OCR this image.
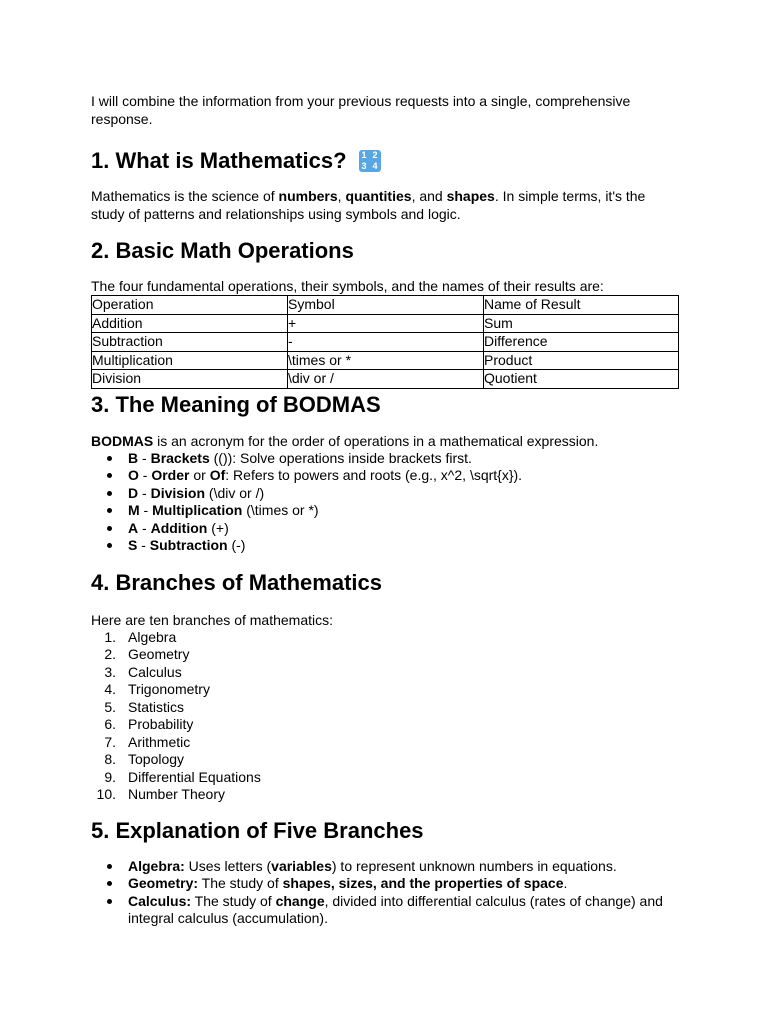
I will combine the information from your previous requests into a single, comprehensive response.

1. What is Mathematics?	1 2
3 4

Mathematics is the science of numbers, quantities, and shapes. In simple terms, it's the study of patterns and relationships using symbols and logic.

2. Basic Math Operations

The four fundamental operations, their symbols, and the names of their results are:

Operation	Symbol	Name of Result
Addition	+	Sum
Subtraction	-	Difference
Multiplication	\times or *	Product
Division	\div or /	Quotient
3. The Meaning of BODMAS

BODMAS is an acronym for the order of operations in a mathematical expression.

B - Brackets (()): Solve operations inside brackets first.
O - Order or Of: Refers to powers and roots (e.g., x^2, \sqrt{x}).
D - Division (\div or /)
M - Multiplication (\times or *)
A - Addition (+)
S - Subtraction (-)
4. Branches of Mathematics

Here are ten branches of mathematics:

1. Algebra
2. Geometry
3. Calculus
4. Trigonometry
5. Statistics
6. Probability
7. Arithmetic
8. Topology
9. Differential Equations
10. Number Theory
5. Explanation of Five Branches
Algebra: Uses letters (variables) to represent unknown numbers in equations.
Geometry: The study of shapes, sizes, and the properties of space.
Calculus: The study of change, divided into differential calculus (rates of change) and integral calculus (accumulation).
